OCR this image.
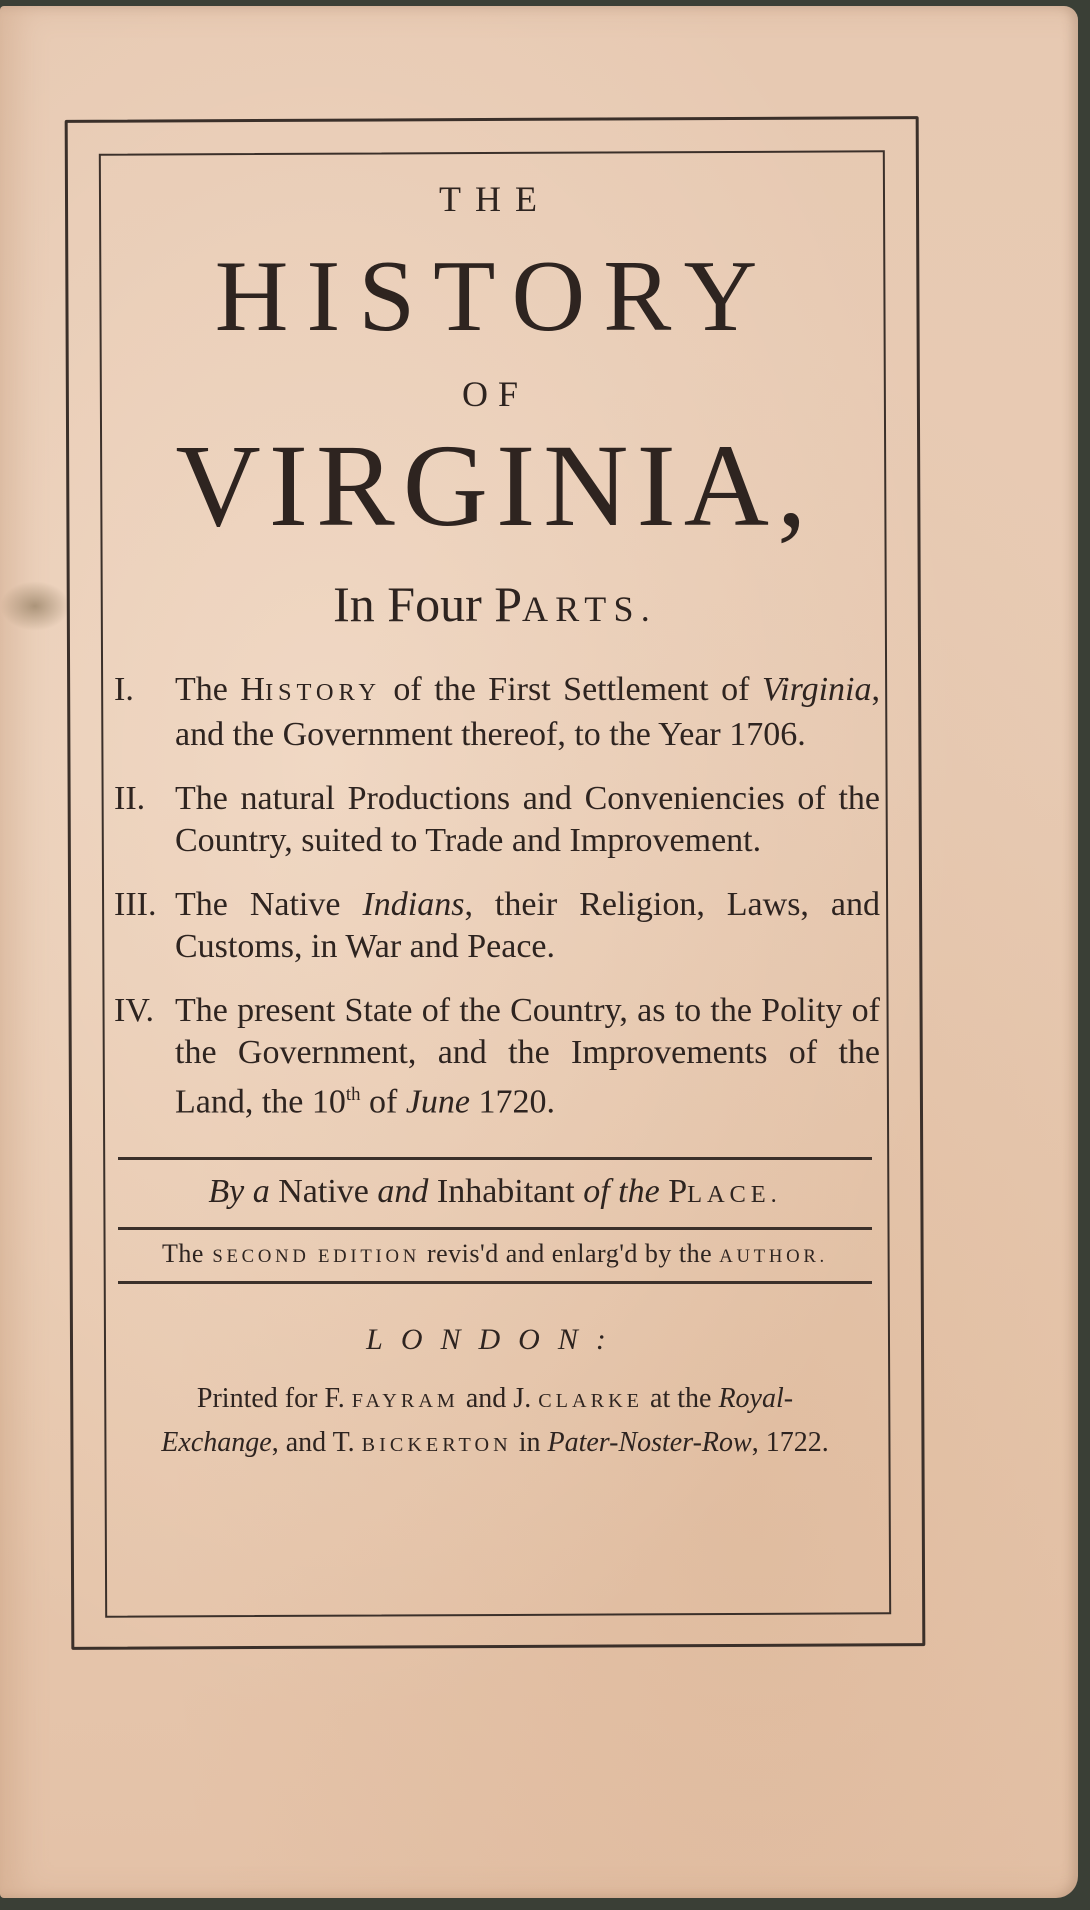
THE
HISTORY
OF
VIRGINIA,
In Four PARTS.
I. The HISTORY of the First Settlement of Virginia, and the Government thereof, to the Year 1706.
II. The natural Productions and Conveniencies of the Country, suited to Trade and Improvement.
III. The Native Indians, their Religion, Laws, and Customs, in War and Peace.
IV. The present State of the Country, as to the Polity of the Government, and the Improvements of the Land, the 10th of June 1720.
By a Native and Inhabitant of the PLACE.
The SECOND EDITION revis'd and enlarg'd by the AUTHOR.
LONDON:
Printed for F. FAYRAM and J. CLARKE at the Royal-
Exchange, and T. BICKERTON in Pater-Noster-Row, 1722.
